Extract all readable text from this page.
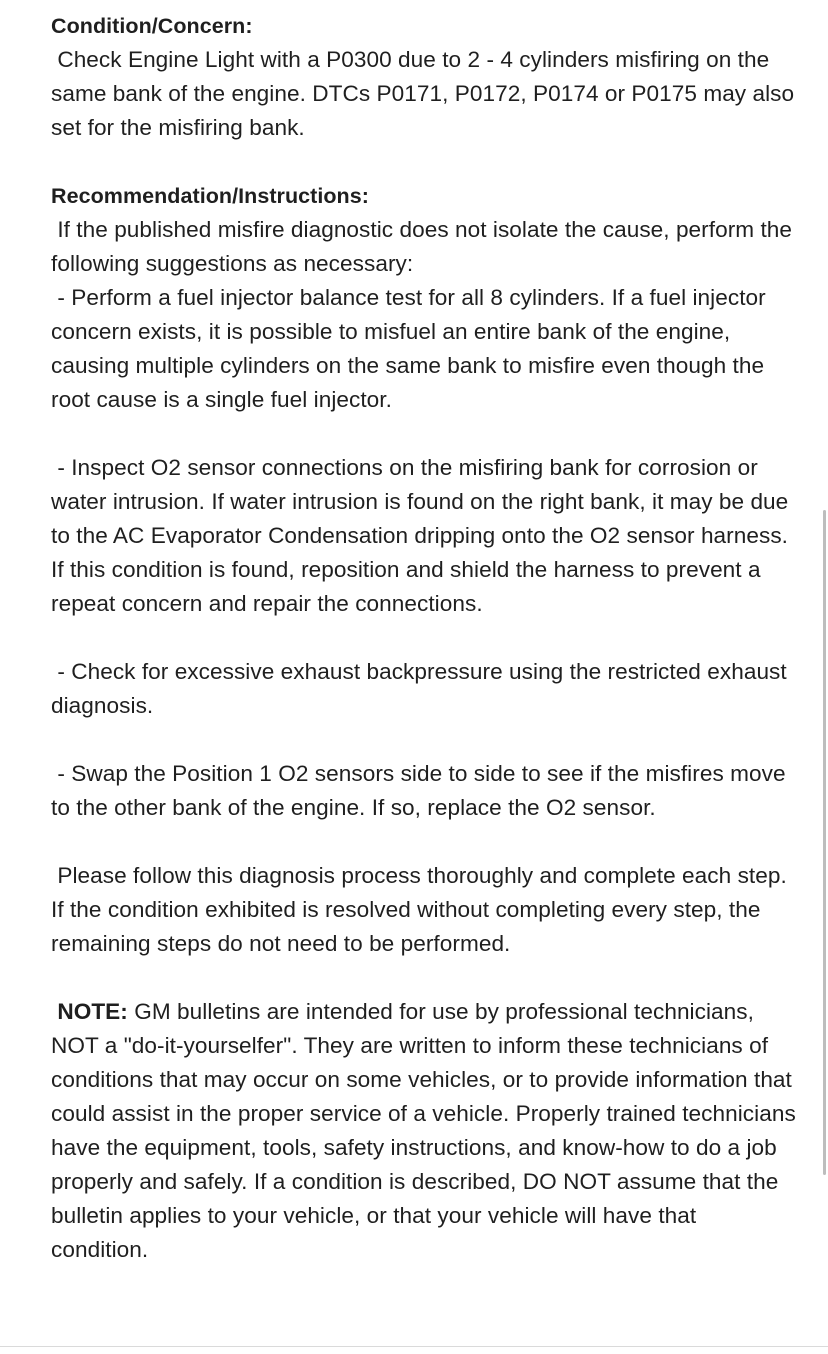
Condition/Concern:

Check Engine Light with a P0300 due to 2 - 4 cylinders misfiring on the same bank of the engine. DTCs P0171, P0172, P0174 or P0175 may also set for the misfiring bank.

Recommendation/Instructions:

If the published misfire diagnostic does not isolate the cause, perform the following suggestions as necessary:

- Perform a fuel injector balance test for all 8 cylinders. If a fuel injector concern exists, it is possible to misfuel an entire bank of the engine, causing multiple cylinders on the same bank to misfire even though the root cause is a single fuel injector.

- Inspect O2 sensor connections on the misfiring bank for corrosion or water intrusion. If water intrusion is found on the right bank, it may be due to the AC Evaporator Condensation dripping onto the O2 sensor harness. If this condition is found, reposition and shield the harness to prevent a repeat concern and repair the connections.

- Check for excessive exhaust backpressure using the restricted exhaust diagnosis.

- Swap the Position 1 O2 sensors side to side to see if the misfires move to the other bank of the engine. If so, replace the O2 sensor.

Please follow this diagnosis process thoroughly and complete each step. If the condition exhibited is resolved without completing every step, the remaining steps do not need to be performed.

NOTE: GM bulletins are intended for use by professional technicians, NOT a "do-it-yourselfer". They are written to inform these technicians of conditions that may occur on some vehicles, or to provide information that could assist in the proper service of a vehicle. Properly trained technicians have the equipment, tools, safety instructions, and know-how to do a job properly and safely. If a condition is described, DO NOT assume that the bulletin applies to your vehicle, or that your vehicle will have that condition.
